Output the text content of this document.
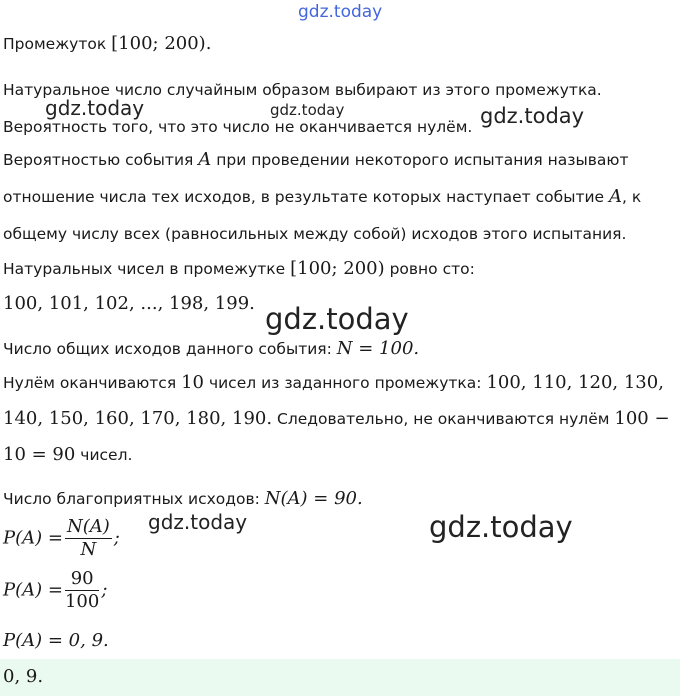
gdz.today
gdz.today	gdz.today	gdz.today
gdz.today
gdz.today	gdz.today
Промежуток [100; 200).
Натуральное число случайным образом выбирают из этого промежутка.
Вероятность того, что это число не оканчивается нулём.
Вероятностью события A при проведении некоторого испытания называют
отношение числа тех исходов, в результате которых наступает событие A, к
общему числу всех (равносильных между собой) исходов этого испытания.
Натуральных чисел в промежутке [100; 200) ровно сто:
100, 101, 102, ..., 198, 199.
Число общих исходов данного события: N = 100.
Нулём оканчиваются 10 чисел из заданного промежутка: 100, 110, 120, 130,
140, 150, 160, 170, 180, 190. Следовательно, не оканчиваются нулём 100 −
10 = 90 чисел.
Число благоприятных исходов: N(A) = 90.
$P(A) = \frac{N(A)}{N}$ ;
$P(A) = \frac{90}{100}$ ;
P(A) = 0, 9.
0, 9.
